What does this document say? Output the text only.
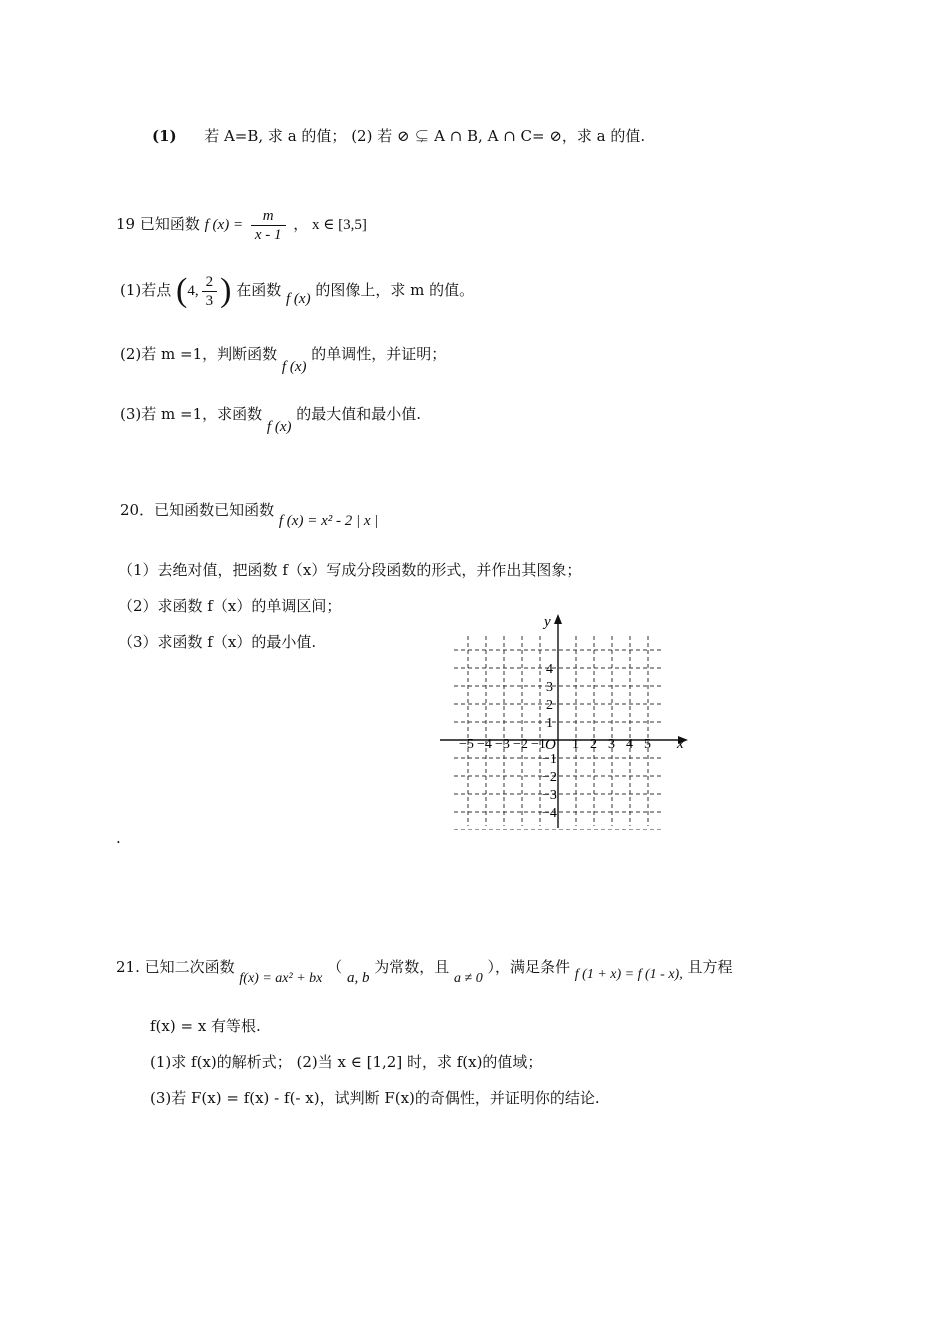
(1) 若 A=B, 求 a 的值； (2) 若 ⊘ ⊊ A ∩ B, A ∩ C= ⊘，求 a 的值.
19 已知函数 f $(x) = \frac{m}{x - 1}$ ， x ∈ [3,5]
(1)若点 (4, $\frac{2}{3}$ ) 在函数 f (x) 的图像上，求 m 的值。
(2)若 m =1，判断函数 f (x) 的单调性，并证明；
(3)若 m =1，求函数 f (x) 的最大值和最小值.
20．已知函数已知函数 f (x) = x² - 2 | x |
（1）去绝对值，把函数 f（x）写成分段函数的形式，并作出其图象；
（2）求函数 f（x）的单调区间；
（3）求函数 f（x）的最小值.
x
y
O
−5 −4 −3 −2 −1 1 2 3 4 5
4
3
2
1
−1
−2
−3
−4
.
21. 已知二次函数 f(x) = ax² + bx （ a, b 为常数，且 a ≠ 0 ），满足条件 f (1 + x) = f (1 - x), 且方程
f(x) = x 有等根.
(1)求 f(x)的解析式； (2)当 x ∈ [1,2] 时，求 f(x)的值域；
(3)若 F(x) = f(x) - f(- x)，试判断 F(x)的奇偶性，并证明你的结论.
